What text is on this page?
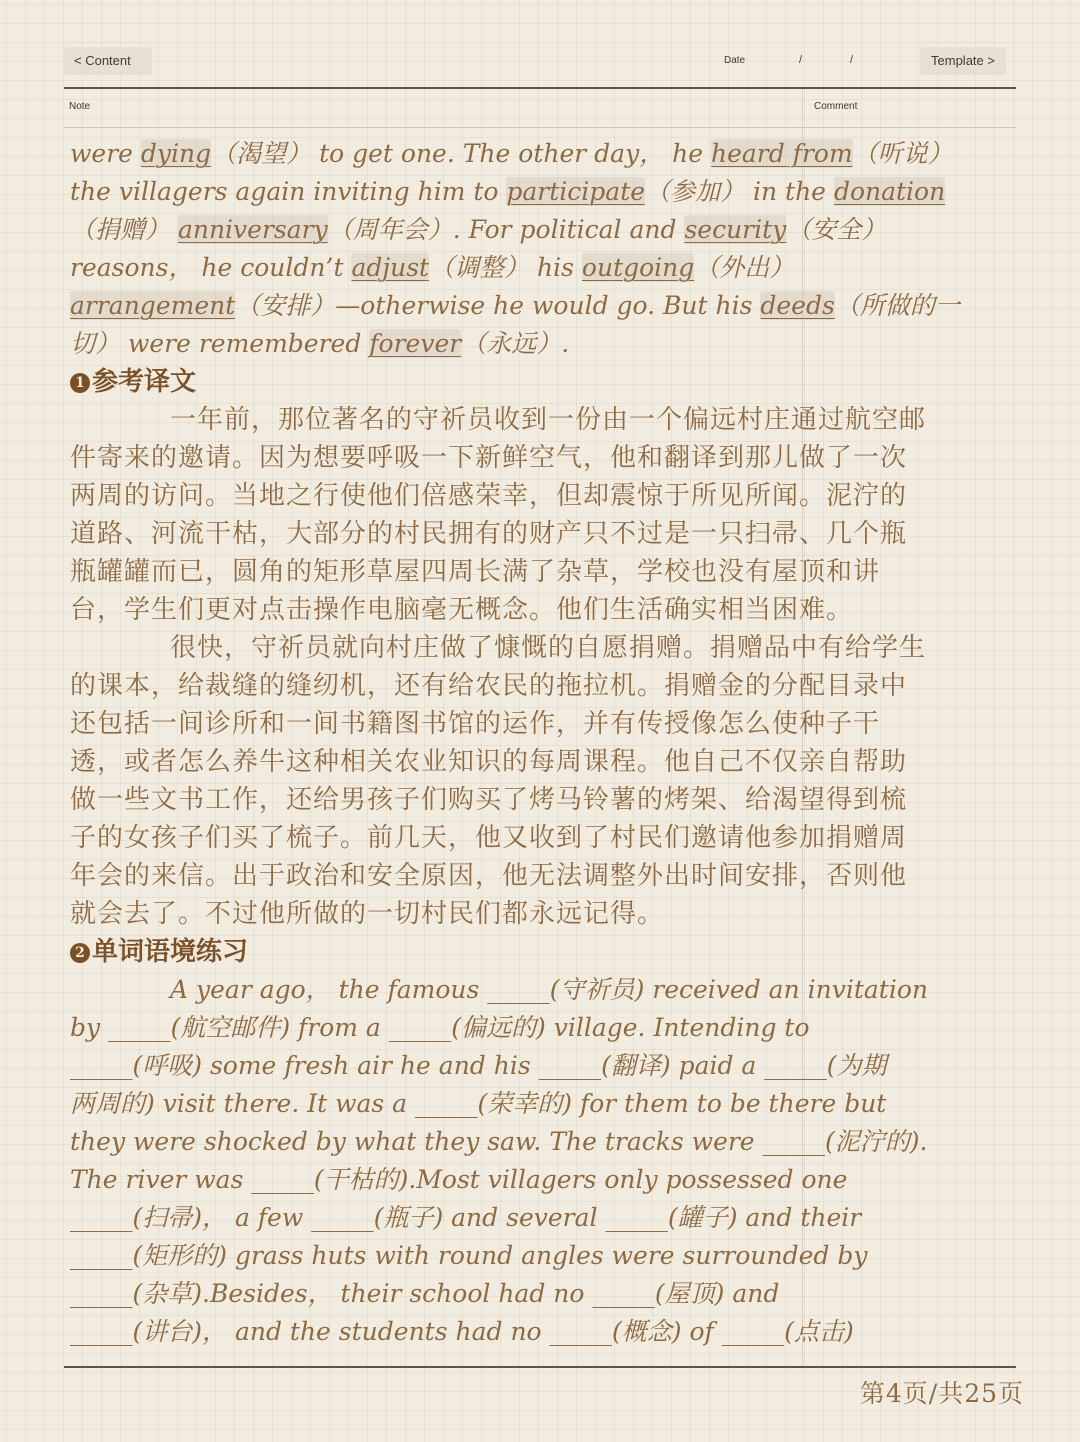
< Content	Date	/	/	Template >
Note	Comment
were dying（渴望） to get one. The other day， he heard from（听说）
the villagers again inviting him to participate（参加） in the donation
（捐赠） anniversary（周年会）. For political and security（安全）
reasons， he couldn’t adjust（调整） his outgoing（外出）
arrangement（安排）—otherwise he would go. But his deeds（所做的一
切） were remembered forever（永远）.
1 参考译文
一年前，那位著名的守祈员收到一份由一个偏远村庄通过航空邮
件寄来的邀请。因为想要呼吸一下新鲜空气，他和翻译到那儿做了一次
两周的访问。当地之行使他们倍感荣幸，但却震惊于所见所闻。泥泞的
道路、河流干枯，大部分的村民拥有的财产只不过是一只扫帚、几个瓶
瓶罐罐而已，圆角的矩形草屋四周长满了杂草，学校也没有屋顶和讲
台，学生们更对点击操作电脑毫无概念。他们生活确实相当困难。
很快，守祈员就向村庄做了慷慨的自愿捐赠。捐赠品中有给学生
的课本，给裁缝的缝纫机，还有给农民的拖拉机。捐赠金的分配目录中
还包括一间诊所和一间书籍图书馆的运作，并有传授像怎么使种子干
透，或者怎么养牛这种相关农业知识的每周课程。他自己不仅亲自帮助
做一些文书工作，还给男孩子们购买了烤马铃薯的烤架、给渴望得到梳
子的女孩子们买了梳子。前几天，他又收到了村民们邀请他参加捐赠周
年会的来信。出于政治和安全原因，他无法调整外出时间安排，否则他
就会去了。不过他所做的一切村民们都永远记得。
2 单词语境练习
A year ago， the famous _____(守祈员) received an invitation
by _____(航空邮件) from a _____(偏远的) village. Intending to
_____(呼吸) some fresh air he and his _____(翻译) paid a _____(为期
两周的) visit there. It was a _____(荣幸的) for them to be there but
they were shocked by what they saw. The tracks were _____(泥泞的).
The river was _____(干枯的).Most villagers only possessed one
_____(扫帚)， a few _____(瓶子) and several _____(罐子) and their
_____(矩形的) grass huts with round angles were surrounded by
_____(杂草).Besides， their school had no _____(屋顶) and
_____(讲台)， and the students had no _____(概念) of _____(点击)
第4页/共25页
